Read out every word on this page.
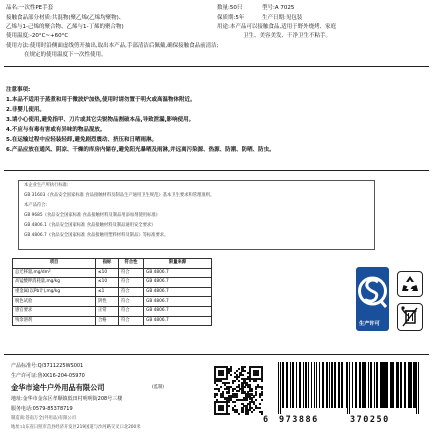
品名:一次性PE手套
接触食品部分材质:共混物(聚乙烯(乙烯均聚物)、
乙烯与1-己烯的聚合物、乙烯与1-丁烯的聚合物)
使用温度:-20°C~+60°C
使用方法:使用时沿侧面虚线剪开抽出,取出本产品,手部清洁后佩戴,确保接触食品前清洁;
在规定的使用温度下一次性使用。
数量:50只	型号:A 7025
保质期:5年	生产日期:见包装
用途:本产品可以接触食品,适用于野外烧烤、家庭
卫生、美容美发、干净卫生不粘手。
注意事项:
1.本品不适用于蒸煮和用于微波炉加热,使用时请勿置于明火或高温物体附近。
2.非婴儿使用。
3.请小心使用,避免指甲、刀片或其它尖锐物品割破本品,导致泄漏,影响使用。
4.不应与有毒有害或有异味的物品混放。
5.在运输过程中应轻装轻卸,避免剧烈震动、挤压和日晒雨淋。
6.产品应放在通风、阴凉、干燥的库房内储存,避免阳光暴晒及雨淋,并远离污染源、热源、防潮、防晒、防虫。
本企业生产所执行标准:
GB 31603《食品安全国家标准 食品接触材料及制品生产通用卫生规范》基本卫生要求和管理准则。
本产品符合:
GB 9685《食品安全国家标准 食品接触材料及制品用添加剂使用标准》
GB 4806.1《食品安全国家标准 食品接触材料及制品通用安全要求》
GB 4806.7《食品安全国家标准 食品接触用塑料材料及制品》等标准要求。
项目	指标	符合性	限量来源
总迁移量,mg/dm²	≤10	符合	GB 4806.7
高锰酸钾消耗量,mg/kg	≤10	符合	GB 4806.7
重金属(以Pb计),mg/kg	≤1	符合	GB 4806.7
脱色试验	阴性	符合	GB 4806.7
感官要求	正常	符合	GB 4806.7
残余溶剂	合格	符合	GB 4806.7
生产许可
产品标准号:Q/3711225WS001
生产许可证:鲁XK16-204-05970
金华市途牛户外用品有限公司	(监制)
地址:金华市金东区孝顺镇低田村明明街208号三楼
服务电话:0579-85378719
制造商:苍南万全(外用品)有限公司
地址:山东省日照市莒县经济开发区219国道与沙河路交叉口北200米
6 973886	370250
